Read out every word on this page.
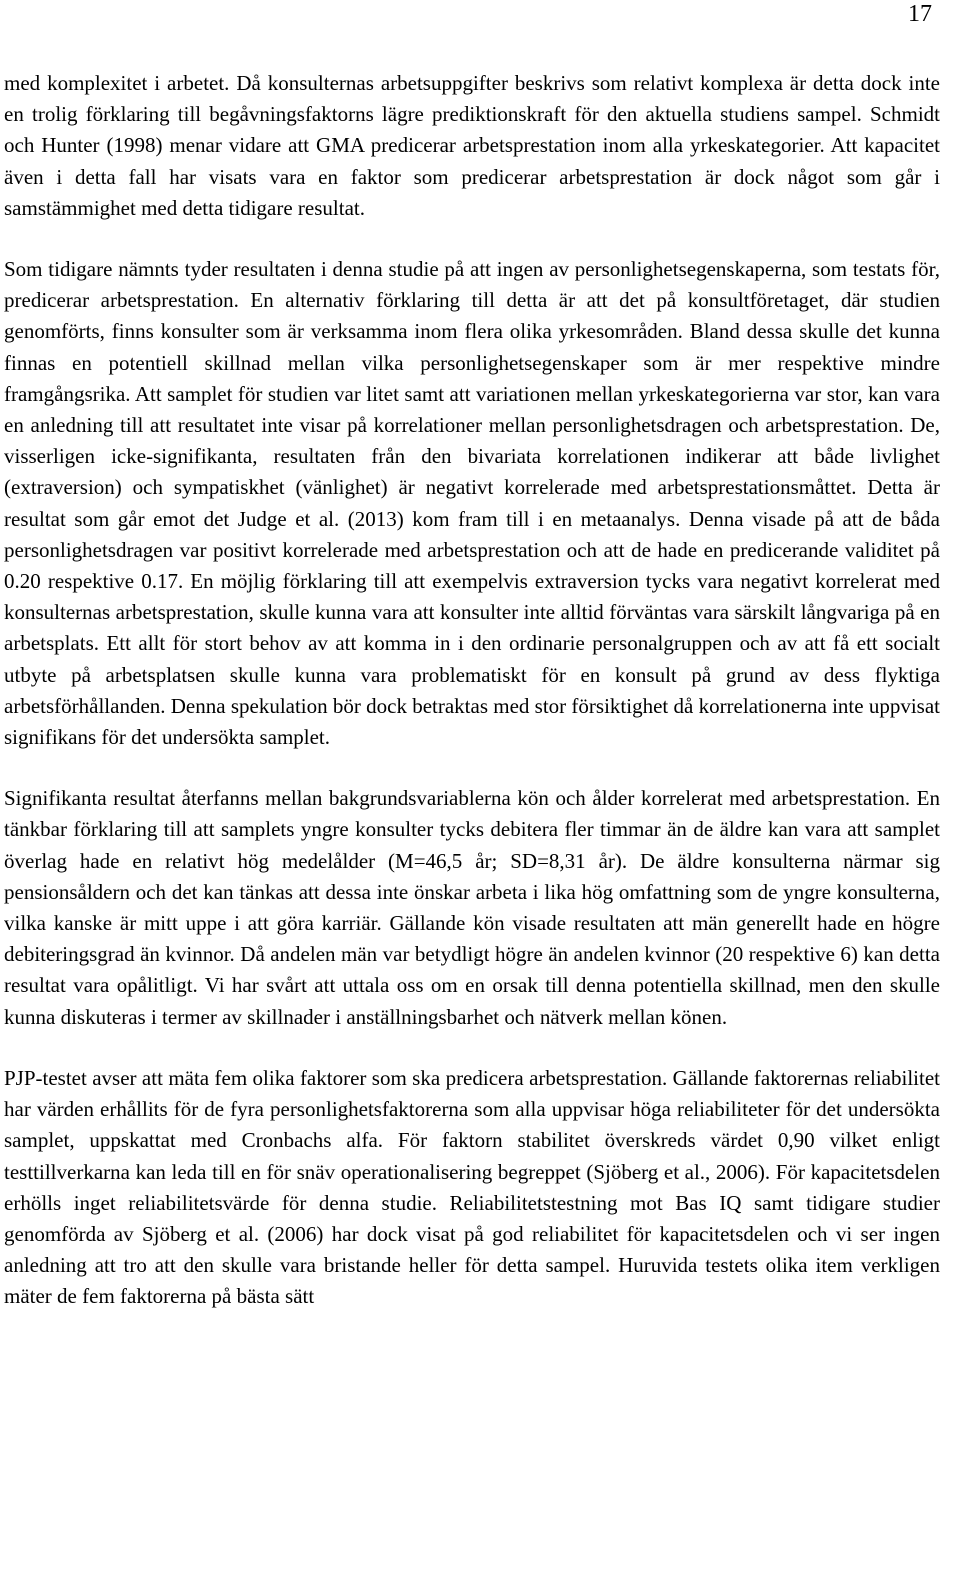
17

med komplexitet i arbetet. Då konsulternas arbetsuppgifter beskrivs som relativt komplexa är detta dock inte en trolig förklaring till begåvningsfaktorns lägre prediktionskraft för den aktuella studiens sampel. Schmidt och Hunter (1998) menar vidare att GMA predicerar arbetsprestation inom alla yrkeskategorier. Att kapacitet även i detta fall har visats vara en faktor som predicerar arbetsprestation är dock något som går i samstämmighet med detta tidigare resultat.

Som tidigare nämnts tyder resultaten i denna studie på att ingen av personlighetsegenskaperna, som testats för, predicerar arbetsprestation. En alternativ förklaring till detta är att det på konsultföretaget, där studien genomförts, finns konsulter som är verksamma inom flera olika yrkesområden. Bland dessa skulle det kunna finnas en potentiell skillnad mellan vilka personlighetsegenskaper som är mer respektive mindre framgångsrika. Att samplet för studien var litet samt att variationen mellan yrkeskategorierna var stor, kan vara en anledning till att resultatet inte visar på korrelationer mellan personlighetsdragen och arbetsprestation. De, visserligen icke-signifikanta, resultaten från den bivariata korrelationen indikerar att både livlighet (extraversion) och sympatiskhet (vänlighet) är negativt korrelerade med arbetsprestationsmåttet. Detta är resultat som går emot det Judge et al. (2013) kom fram till i en metaanalys. Denna visade på att de båda personlighetsdragen var positivt korrelerade med arbetsprestation och att de hade en predicerande validitet på 0.20 respektive 0.17. En möjlig förklaring till att exempelvis extraversion tycks vara negativt korrelerat med konsulternas arbetsprestation, skulle kunna vara att konsulter inte alltid förväntas vara särskilt långvariga på en arbetsplats. Ett allt för stort behov av att komma in i den ordinarie personalgruppen och av att få ett socialt utbyte på arbetsplatsen skulle kunna vara problematiskt för en konsult på grund av dess flyktiga arbetsförhållanden. Denna spekulation bör dock betraktas med stor försiktighet då korrelationerna inte uppvisat signifikans för det undersökta samplet.

Signifikanta resultat återfanns mellan bakgrundsvariablerna kön och ålder korrelerat med arbetsprestation. En tänkbar förklaring till att samplets yngre konsulter tycks debitera fler timmar än de äldre kan vara att samplet överlag hade en relativt hög medelålder (M=46,5 år; SD=8,31 år). De äldre konsulterna närmar sig pensionsåldern och det kan tänkas att dessa inte önskar arbeta i lika hög omfattning som de yngre konsulterna, vilka kanske är mitt uppe i att göra karriär. Gällande kön visade resultaten att män generellt hade en högre debiteringsgrad än kvinnor. Då andelen män var betydligt högre än andelen kvinnor (20 respektive 6) kan detta resultat vara opålitligt. Vi har svårt att uttala oss om en orsak till denna potentiella skillnad, men den skulle kunna diskuteras i termer av skillnader i anställningsbarhet och nätverk mellan könen.

PJP-testet avser att mäta fem olika faktorer som ska predicera arbetsprestation. Gällande faktorernas reliabilitet har värden erhållits för de fyra personlighetsfaktorerna som alla uppvisar höga reliabiliteter för det undersökta samplet, uppskattat med Cronbachs alfa. För faktorn stabilitet överskreds värdet 0,90 vilket enligt testtillverkarna kan leda till en för snäv operationalisering begreppet (Sjöberg et al., 2006). För kapacitetsdelen erhölls inget reliabilitetsvärde för denna studie. Reliabilitetstestning mot Bas IQ samt tidigare studier genomförda av Sjöberg et al. (2006) har dock visat på god reliabilitet för kapacitetsdelen och vi ser ingen anledning att tro att den skulle vara bristande heller för detta sampel. Huruvida testets olika item verkligen mäter de fem faktorerna på bästa sätt
